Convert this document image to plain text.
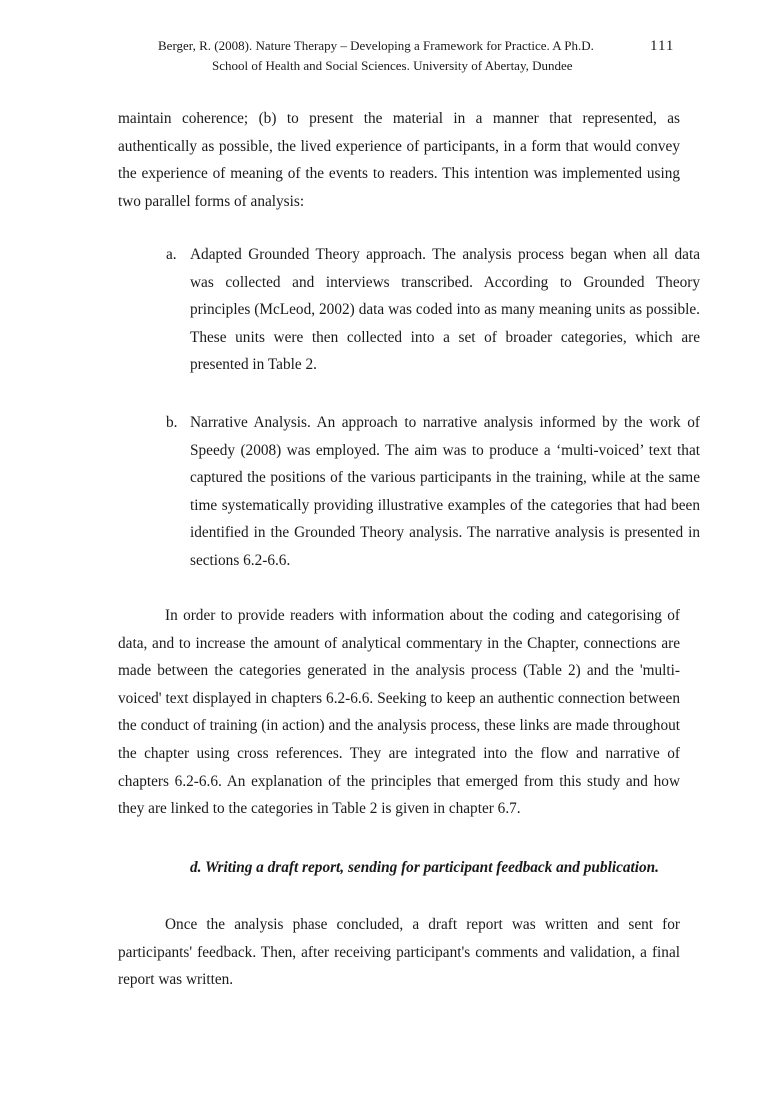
Berger, R. (2008). Nature Therapy – Developing a Framework for Practice. A Ph.D.	111
School of Health and Social Sciences. University of Abertay, Dundee

maintain coherence; (b) to present the material in a manner that represented, as authentically as possible, the lived experience of participants, in a form that would convey the experience of meaning of the events to readers. This intention was implemented using two parallel forms of analysis:

a. Adapted Grounded Theory approach. The analysis process began when all data was collected and interviews transcribed. According to Grounded Theory principles (McLeod, 2002) data was coded into as many meaning units as possible. These units were then collected into a set of broader categories, which are presented in Table 2.
b. Narrative Analysis. An approach to narrative analysis informed by the work of Speedy (2008) was employed. The aim was to produce a ‘multi-voiced’ text that captured the positions of the various participants in the training, while at the same time systematically providing illustrative examples of the categories that had been identified in the Grounded Theory analysis. The narrative analysis is presented in sections 6.2-6.6.

In order to provide readers with information about the coding and categorising of data, and to increase the amount of analytical commentary in the Chapter, connections are made between the categories generated in the analysis process (Table 2) and the 'multi-voiced' text displayed in chapters 6.2-6.6. Seeking to keep an authentic connection between the conduct of training (in action) and the analysis process, these links are made throughout the chapter using cross references. They are integrated into the flow and narrative of chapters 6.2-6.6. An explanation of the principles that emerged from this study and how they are linked to the categories in Table 2 is given in chapter 6.7.

d. Writing a draft report, sending for participant feedback and publication.

Once the analysis phase concluded, a draft report was written and sent for participants' feedback. Then, after receiving participant's comments and validation, a final report was written.
